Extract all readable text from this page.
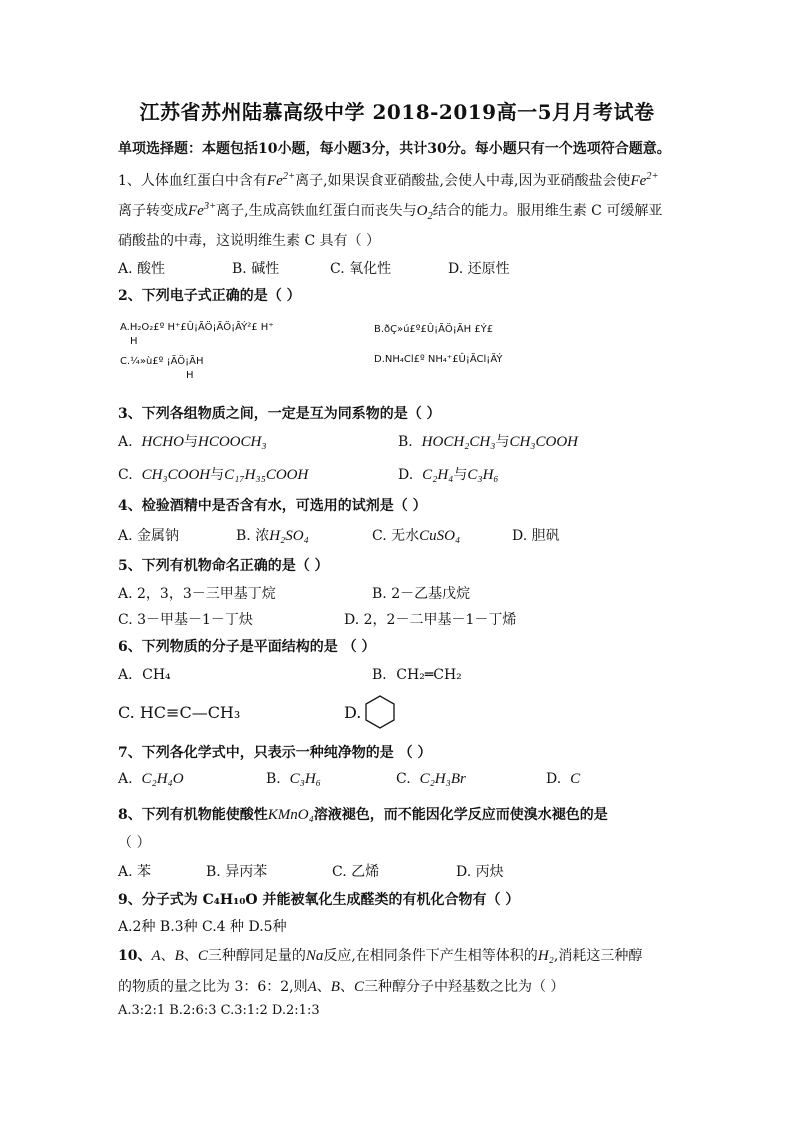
江苏省苏州陆慕高级中学 2018-2019高一5月月考试卷
单项选择题：本题包括10小题，每小题3分，共计30分。每小题只有一个选项符合题意。
1、人体血红蛋白中含有$Fe^{2+}$离子,如果误食亚硝酸盐,会使人中毒,因为亚硝酸盐会使$Fe^{2+}$
离子转变成$Fe^{3+}$离子,生成高铁血红蛋白而丧失与$O_2$结合的能力。服用维生素 C 可缓解亚
硝酸盐的中毒，这说明维生素 C 具有（ ）
A. 酸性	B. 碱性	C. 氧化性	D. 还原性
2、下列电子式正确的是（ ）
A.H₂O₂£º H⁺£Û¡ÃÖ¡ÃÖ¡ÃÝ²£ H⁺
H
B.ðÇ»ú£º£Û¡ÃÖ¡ÃH £Ý£
C.¼»ù£º ¡ÃÖ¡ÃH
H
D.NH₄Cl£º NH₄⁺£Û¡ÃCl¡ÃÝ
3、下列各组物质之间，一定是互为同系物的是（ ）
A. HCHO与HCOOCH₃	B. HOCH₂CH₃与CH₃COOH
C. CH₃COOH与C₁₇H₃₅COOH	D. C₂H₄与C₃H₆
4、检验酒精中是否含有水，可选用的试剂是（ ）
A. 金属钠	B. 浓H₂SO₄	C. 无水CuSO₄	D. 胆矾
5、下列有机物命名正确的是（ ）
A. 2，3，3－三甲基丁烷	B. 2－乙基戊烷
C. 3－甲基－1－丁炔	D. 2，2－二甲基－1－丁烯
6、下列物质的分子是平面结构的是 （ ）
A．CH₄	B．CH₂═CH₂
C. HC≡C—CH₃	D.
7、下列各化学式中，只表示一种纯净物的是 （ ）
A. C₂H₄O	B. C₃H₆	C. C₂H₃Br	D. C
8、下列有机物能使酸性KMnO₄溶液褪色，而不能因化学反应而使溴水褪色的是
（ ）
A. 苯	B. 异丙苯	C. 乙烯	D. 丙炔
9、分子式为 C₄H₁₀O 并能被氧化生成醛类的有机化合物有（ ）
A.2种 B.3种 C.4 种 D.5种
10、A、B、C三种醇同足量的Na反应,在相同条件下产生相等体积的H₂,消耗这三种醇
的物质的量之比为 3：6：2,则A、B、C三种醇分子中羟基数之比为（ ）
A.3:2:1 B.2:6:3 C.3:1:2 D.2:1:3
